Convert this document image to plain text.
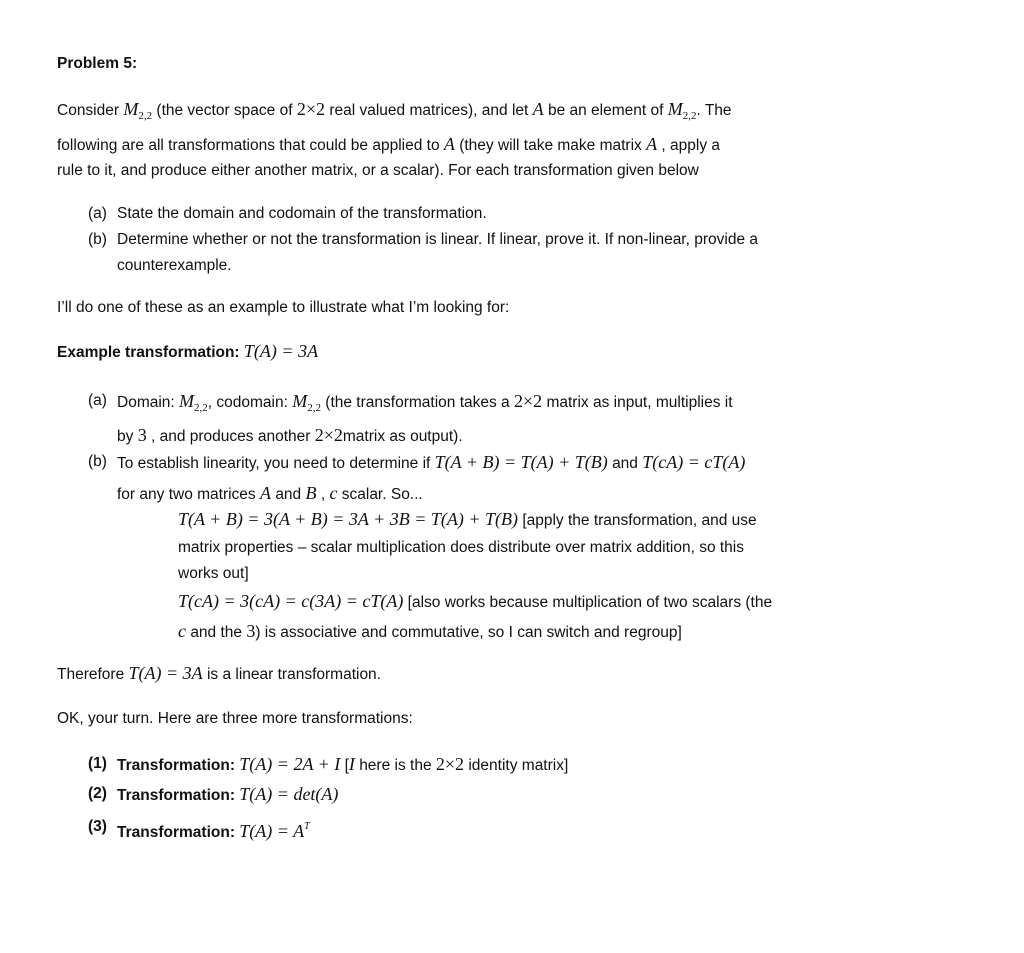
Problem 5:
Consider $M_{2,2}$ (the vector space of 2×2 real valued matrices), and let A be an element of $M_{2,2}$. The
following are all transformations that could be applied to A (they will take make matrix A , apply a
rule to it, and produce either another matrix, or a scalar). For each transformation given below
(a) State the domain and codomain of the transformation.
(b) Determine whether or not the transformation is linear. If linear, prove it. If non-linear, provide a
counterexample.
I’ll do one of these as an example to illustrate what I’m looking for:
Example transformation: T(A) = 3A
(a) Domain: $M_{2,2}$, codomain: $M_{2,2}$ (the transformation takes a 2×2 matrix as input, multiplies it
by 3 , and produces another 2×2matrix as output).
(b) To establish linearity, you need to determine if T(A + B) = T(A) + T(B) and T(cA) = cT(A)
for any two matrices A and B , c scalar. So...
T(A + B) = 3(A + B) = 3A + 3B = T(A) + T(B) [apply the transformation, and use
matrix properties – scalar multiplication does distribute over matrix addition, so this
works out]
T(cA) = 3(cA) = c(3A) = cT(A) [also works because multiplication of two scalars (the
c and the 3) is associative and commutative, so I can switch and regroup]
Therefore T(A) = 3A is a linear transformation.
OK, your turn. Here are three more transformations:
(1) Transformation: T(A) = 2A + I [I here is the 2×2 identity matrix]
(2) Transformation: T(A) = det(A)
(3) Transformation: $T(A) = A^T$
